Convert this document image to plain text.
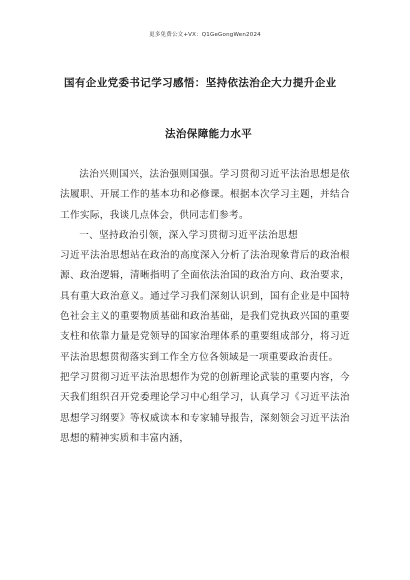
更多免费公文+VX：Q1GeGongWen2024
国有企业党委书记学习感悟：坚持依法治企大力提升企业
法治保障能力水平

法治兴则国兴，法治强则国强。学习贯彻习近平法治思想是依法履职、开展工作的基本功和必修课。根据本次学习主题，并结合工作实际，我谈几点体会，供同志们参考。

一、坚持政治引领，深入学习贯彻习近平法治思想

习近平法治思想站在政治的高度深入分析了法治现象背后的政治根源、政治逻辑，清晰指明了全面依法治国的政治方向、政治要求，具有重大政治意义。通过学习我们深刻认识到，国有企业是中国特色社会主义的重要物质基础和政治基础，是我们党执政兴国的重要支柱和依靠力量是党领导的国家治理体系的重要组成部分，将习近平法治思想贯彻落实到工作全方位各领域是一项重要政治责任。

把学习贯彻习近平法治思想作为党的创新理论武装的重要内容，今天我们组织召开党委理论学习中心组学习，认真学习《习近平法治思想学习纲要》等权威读本和专家辅导报告，深刻领会习近平法治思想的精神实质和丰富内涵，
